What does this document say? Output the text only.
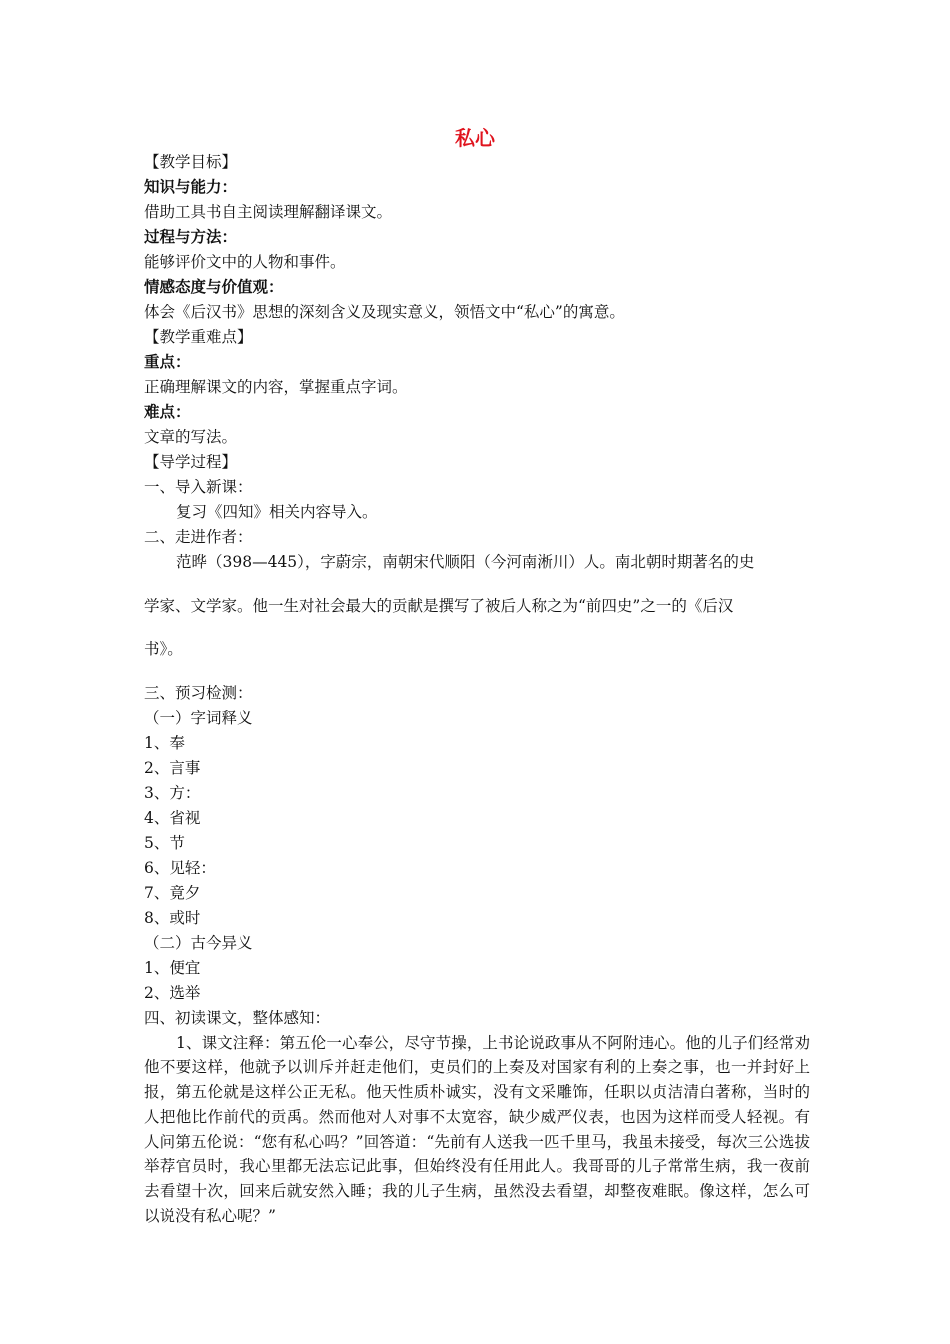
私心
【教学目标】
知识与能力：
借助工具书自主阅读理解翻译课文。
过程与方法：
能够评价文中的人物和事件。
情感态度与价值观：
体会《后汉书》思想的深刻含义及现实意义，领悟文中“私心”的寓意。
【教学重难点】
重点：
正确理解课文的内容，掌握重点字词。
难点：
文章的写法。
【导学过程】
一、导入新课：
复习《四知》相关内容导入。
二、走进作者：
范晔（398—445），字蔚宗，南朝宋代顺阳（今河南淅川）人。南北朝时期著名的史
学家、文学家。他一生对社会最大的贡献是撰写了被后人称之为“前四史”之一的《后汉
书》。
三、预习检测：
（一）字词释义
1、奉
2、言事
3、方：
4、省视
5、节
6、见轻：
7、竟夕
8、或时
（二）古今异义
1、便宜
2、选举
四、初读课文，整体感知：

1、课文注释：第五伦一心奉公，尽守节操，上书论说政事从不阿附违心。他的儿子们经常劝他不要这样，他就予以训斥并赶走他们，吏员们的上奏及对国家有利的上奏之事，也一并封好上报，第五伦就是这样公正无私。他天性质朴诚实，没有文采雕饰，任职以贞洁清白著称，当时的人把他比作前代的贡禹。然而他对人对事不太宽容，缺少威严仪表，也因为这样而受人轻视。有人问第五伦说：“您有私心吗？”回答道：“先前有人送我一匹千里马，我虽未接受，每次三公选拔举荐官员时，我心里都无法忘记此事，但始终没有任用此人。我哥哥的儿子常常生病，我一夜前去看望十次，回来后就安然入睡；我的儿子生病，虽然没去看望，却整夜难眠。像这样，怎么可以说没有私心呢？”
